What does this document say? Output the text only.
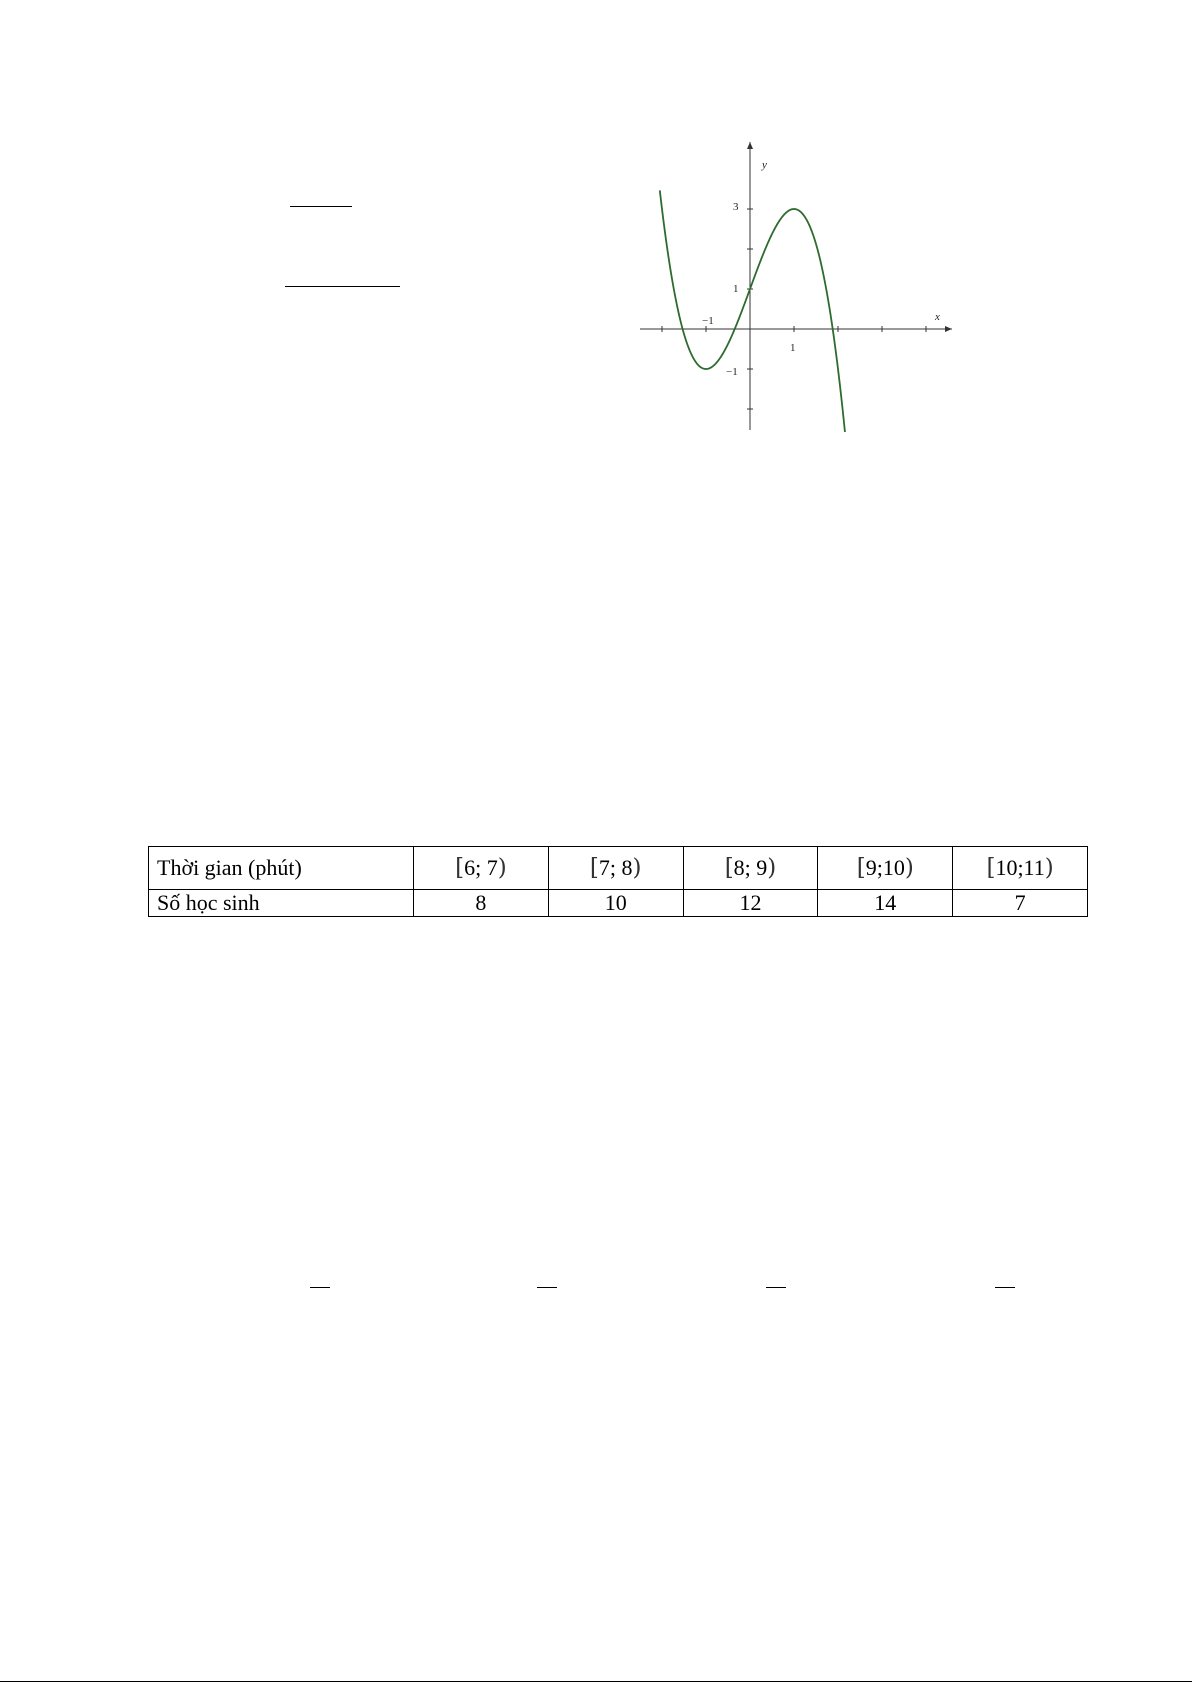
x
y
−1
1
3
1
−1
Thời gian (phút)	[6; 7)	[7; 8)	[8; 9)	[9;10)	[10;11)
Số học sinh	8	10	12	14	7
